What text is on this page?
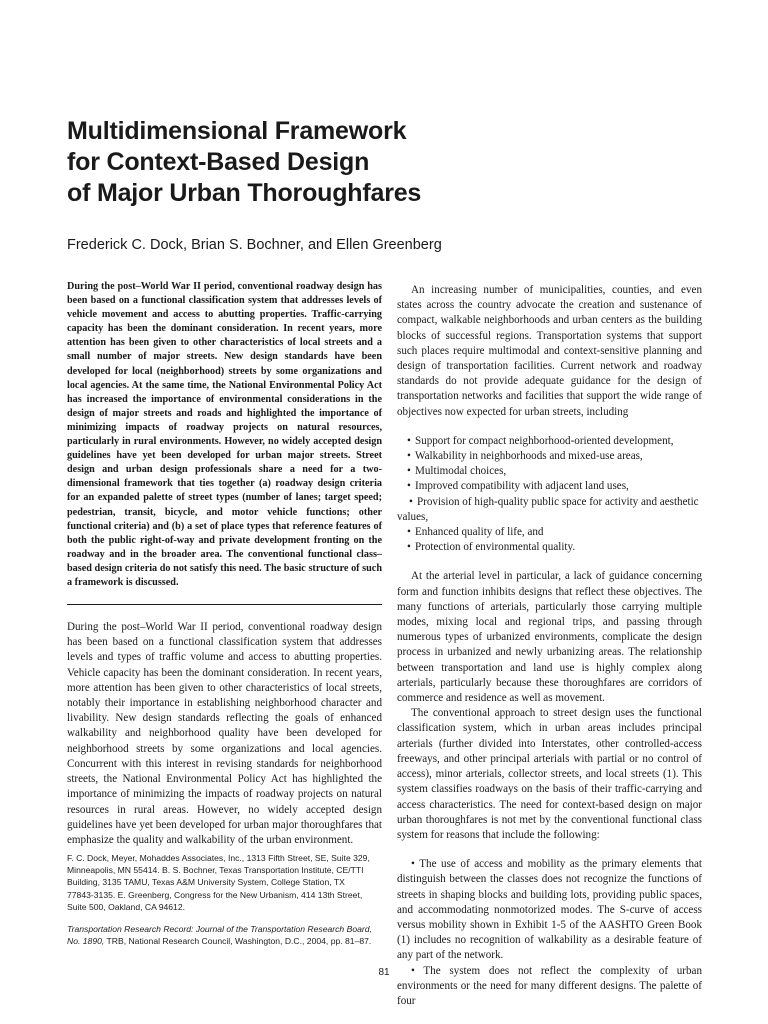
Multidimensional Framework
for Context-Based Design
of Major Urban Thoroughfares
Frederick C. Dock, Brian S. Bochner, and Ellen Greenberg

During the post–World War II period, conventional roadway design has been based on a functional classification system that addresses levels of vehicle movement and access to abutting properties. Traffic-carrying capacity has been the dominant consideration. In recent years, more attention has been given to other characteristics of local streets and a small number of major streets. New design standards have been developed for local (neighborhood) streets by some organizations and local agencies. At the same time, the National Environmental Policy Act has increased the importance of environmental considerations in the design of major streets and roads and highlighted the importance of minimizing impacts of roadway projects on natural resources, particularly in rural environments. However, no widely accepted design guidelines have yet been developed for urban major streets. Street design and urban design professionals share a need for a two-dimensional framework that ties together (a) roadway design criteria for an expanded palette of street types (number of lanes; target speed; pedestrian, transit, bicycle, and motor vehicle functions; other functional criteria) and (b) a set of place types that reference features of both the public right-of-way and private development fronting on the roadway and in the broader area. The conventional functional class–based design criteria do not satisfy this need. The basic structure of such a framework is discussed.

During the post–World War II period, conventional roadway design has been based on a functional classification system that addresses levels and types of traffic volume and access to abutting properties. Vehicle capacity has been the dominant consideration. In recent years, more attention has been given to other characteristics of local streets, notably their importance in establishing neighborhood character and livability. New design standards reflecting the goals of enhanced walkability and neighborhood quality have been developed for neighborhood streets by some organizations and local agencies. Concurrent with this interest in revising standards for neighborhood streets, the National Environmental Policy Act has highlighted the importance of minimizing the impacts of roadway projects on natural resources in rural areas. However, no widely accepted design guidelines have yet been developed for urban major thoroughfares that emphasize the quality and walkability of the urban environment.

F. C. Dock, Meyer, Mohaddes Associates, Inc., 1313 Fifth Street, SE, Suite 329, Minneapolis, MN 55414. B. S. Bochner, Texas Transportation Institute, CE/TTI Building, 3135 TAMU, Texas A&M University System, College Station, TX 77843-3135. E. Greenberg, Congress for the New Urbanism, 414 13th Street, Suite 500, Oakland, CA 94612.

Transportation Research Record: Journal of the Transportation Research Board, No. 1890, TRB, National Research Council, Washington, D.C., 2004, pp. 81–87.

An increasing number of municipalities, counties, and even states across the country advocate the creation and sustenance of compact, walkable neighborhoods and urban centers as the building blocks of successful regions. Transportation systems that support such places require multimodal and context-sensitive planning and design of transportation facilities. Current network and roadway standards do not provide adequate guidance for the design of transportation networks and facilities that support the wide range of objectives now expected for urban streets, including

• Support for compact neighborhood-oriented development,
• Walkability in neighborhoods and mixed-use areas,
• Multimodal choices,
• Improved compatibility with adjacent land uses,
• Provision of high-quality public space for activity and aesthetic values,
• Enhanced quality of life, and
• Protection of environmental quality.

At the arterial level in particular, a lack of guidance concerning form and function inhibits designs that reflect these objectives. The many functions of arterials, particularly those carrying multiple modes, mixing local and regional trips, and passing through numerous types of urbanized environments, complicate the design process in urbanized and newly urbanizing areas. The relationship between transportation and land use is highly complex along arterials, particularly because these thoroughfares are corridors of commerce and residence as well as movement.

The conventional approach to street design uses the functional classification system, which in urban areas includes principal arterials (further divided into Interstates, other controlled-access freeways, and other principal arterials with partial or no control of access), minor arterials, collector streets, and local streets (1). This system classifies roadways on the basis of their traffic-carrying and access characteristics. The need for context-based design on major urban thoroughfares is not met by the conventional functional class system for reasons that include the following:

• The use of access and mobility as the primary elements that distinguish between the classes does not recognize the functions of streets in shaping blocks and building lots, providing public spaces, and accommodating nonmotorized modes. The S-curve of access versus mobility shown in Exhibit 1-5 of the AASHTO Green Book (1) includes no recognition of walkability as a desirable feature of any part of the network.

• The system does not reflect the complexity of urban environments or the need for many different designs. The palette of four

81
